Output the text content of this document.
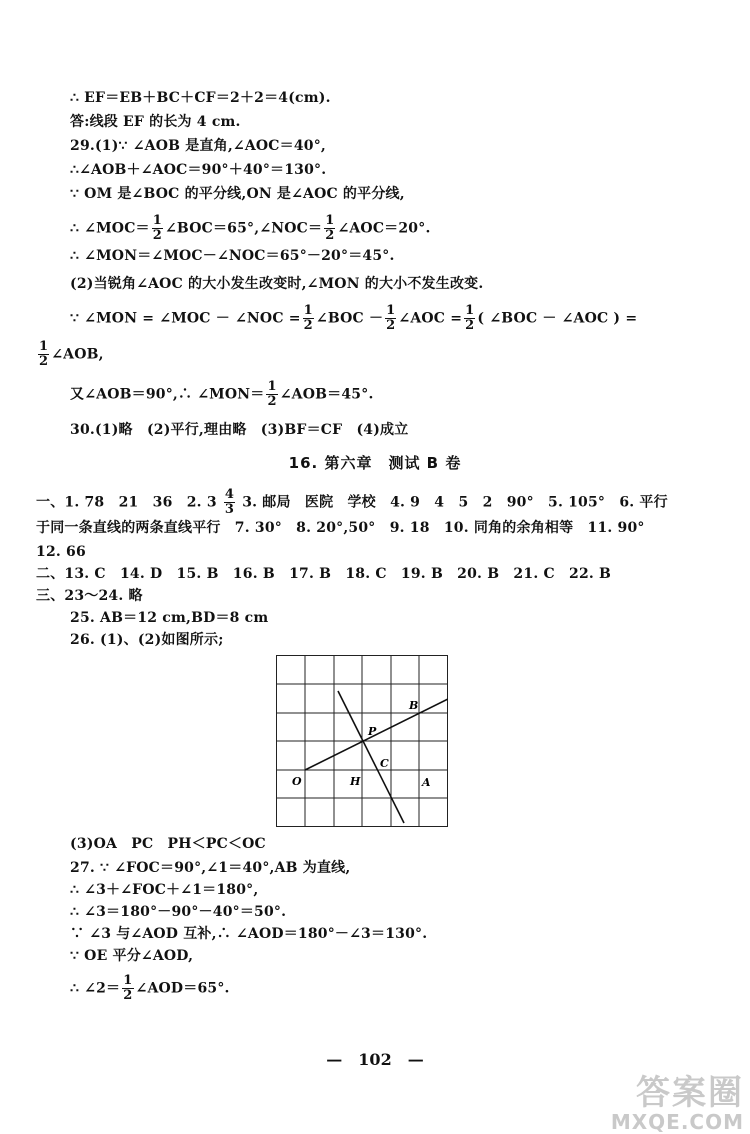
∴ EF＝EB＋BC＋CF＝2＋2＝4(cm).
答:线段 EF 的长为 4 cm.
29.(1)∵ ∠AOB 是直角,∠AOC＝40°,
∴∠AOB＋∠AOC＝90°＋40°＝130°.
∵ OM 是∠BOC 的平分线,ON 是∠AOC 的平分线,
∴ ∠MOC＝ $\frac{1}{2}$ ∠BOC＝65°,∠NOC＝ $\frac{1}{2}$ ∠AOC＝20°.
∴ ∠MON＝∠MOC－∠NOC＝65°－20°＝45°.
(2)当锐角∠AOC 的大小发生改变时,∠MON 的大小不发生改变.
∵ ∠MON = ∠MOC － ∠NOC = $\frac{1}{2}$ ∠BOC － $\frac{1}{2}$ ∠AOC = $\frac{1}{2}$ ( ∠BOC － ∠AOC ) =
$\frac{1}{2}$ ∠AOB,
又∠AOB＝90°,∴ ∠MON＝ $\frac{1}{2}$ ∠AOB＝45°.
30.(1)略　(2)平行,理由略　(3)BF＝CF　(4)成立
16. 第六章　测试 B 卷
一、1. 78　21　36　2. $3 \frac{4}{3} 3$. 邮局　医院　学校　4. 9　4　5　2　90°　5. 105°　6. 平行
于同一条直线的两条直线平行　7. 30°　8. 20°,50°　9. 18　10. 同角的余角相等　11. 90°
12. 66
二、13. C　14. D　15. B　16. B　17. B　18. C　19. B　20. B　21. C　22. B
三、23～24. 略
25. AB＝12 cm,BD＝8 cm
26. (1)、(2)如图所示;
B
P
C
O	H	A
(3)OA　PC　PH＜PC＜OC
27. ∵ ∠FOC＝90°,∠1＝40°,AB 为直线,
∴ ∠3＋∠FOC＋∠1＝180°,
∴ ∠3＝180°－90°－40°＝50°.
∵ ∠3 与∠AOD 互补,∴ ∠AOD＝180°－∠3＝130°.
∵ OE 平分∠AOD,
∴ ∠2＝ $\frac{1}{2}$ ∠AOD＝65°.
—　102　—
答案圈
MXQE.COM
